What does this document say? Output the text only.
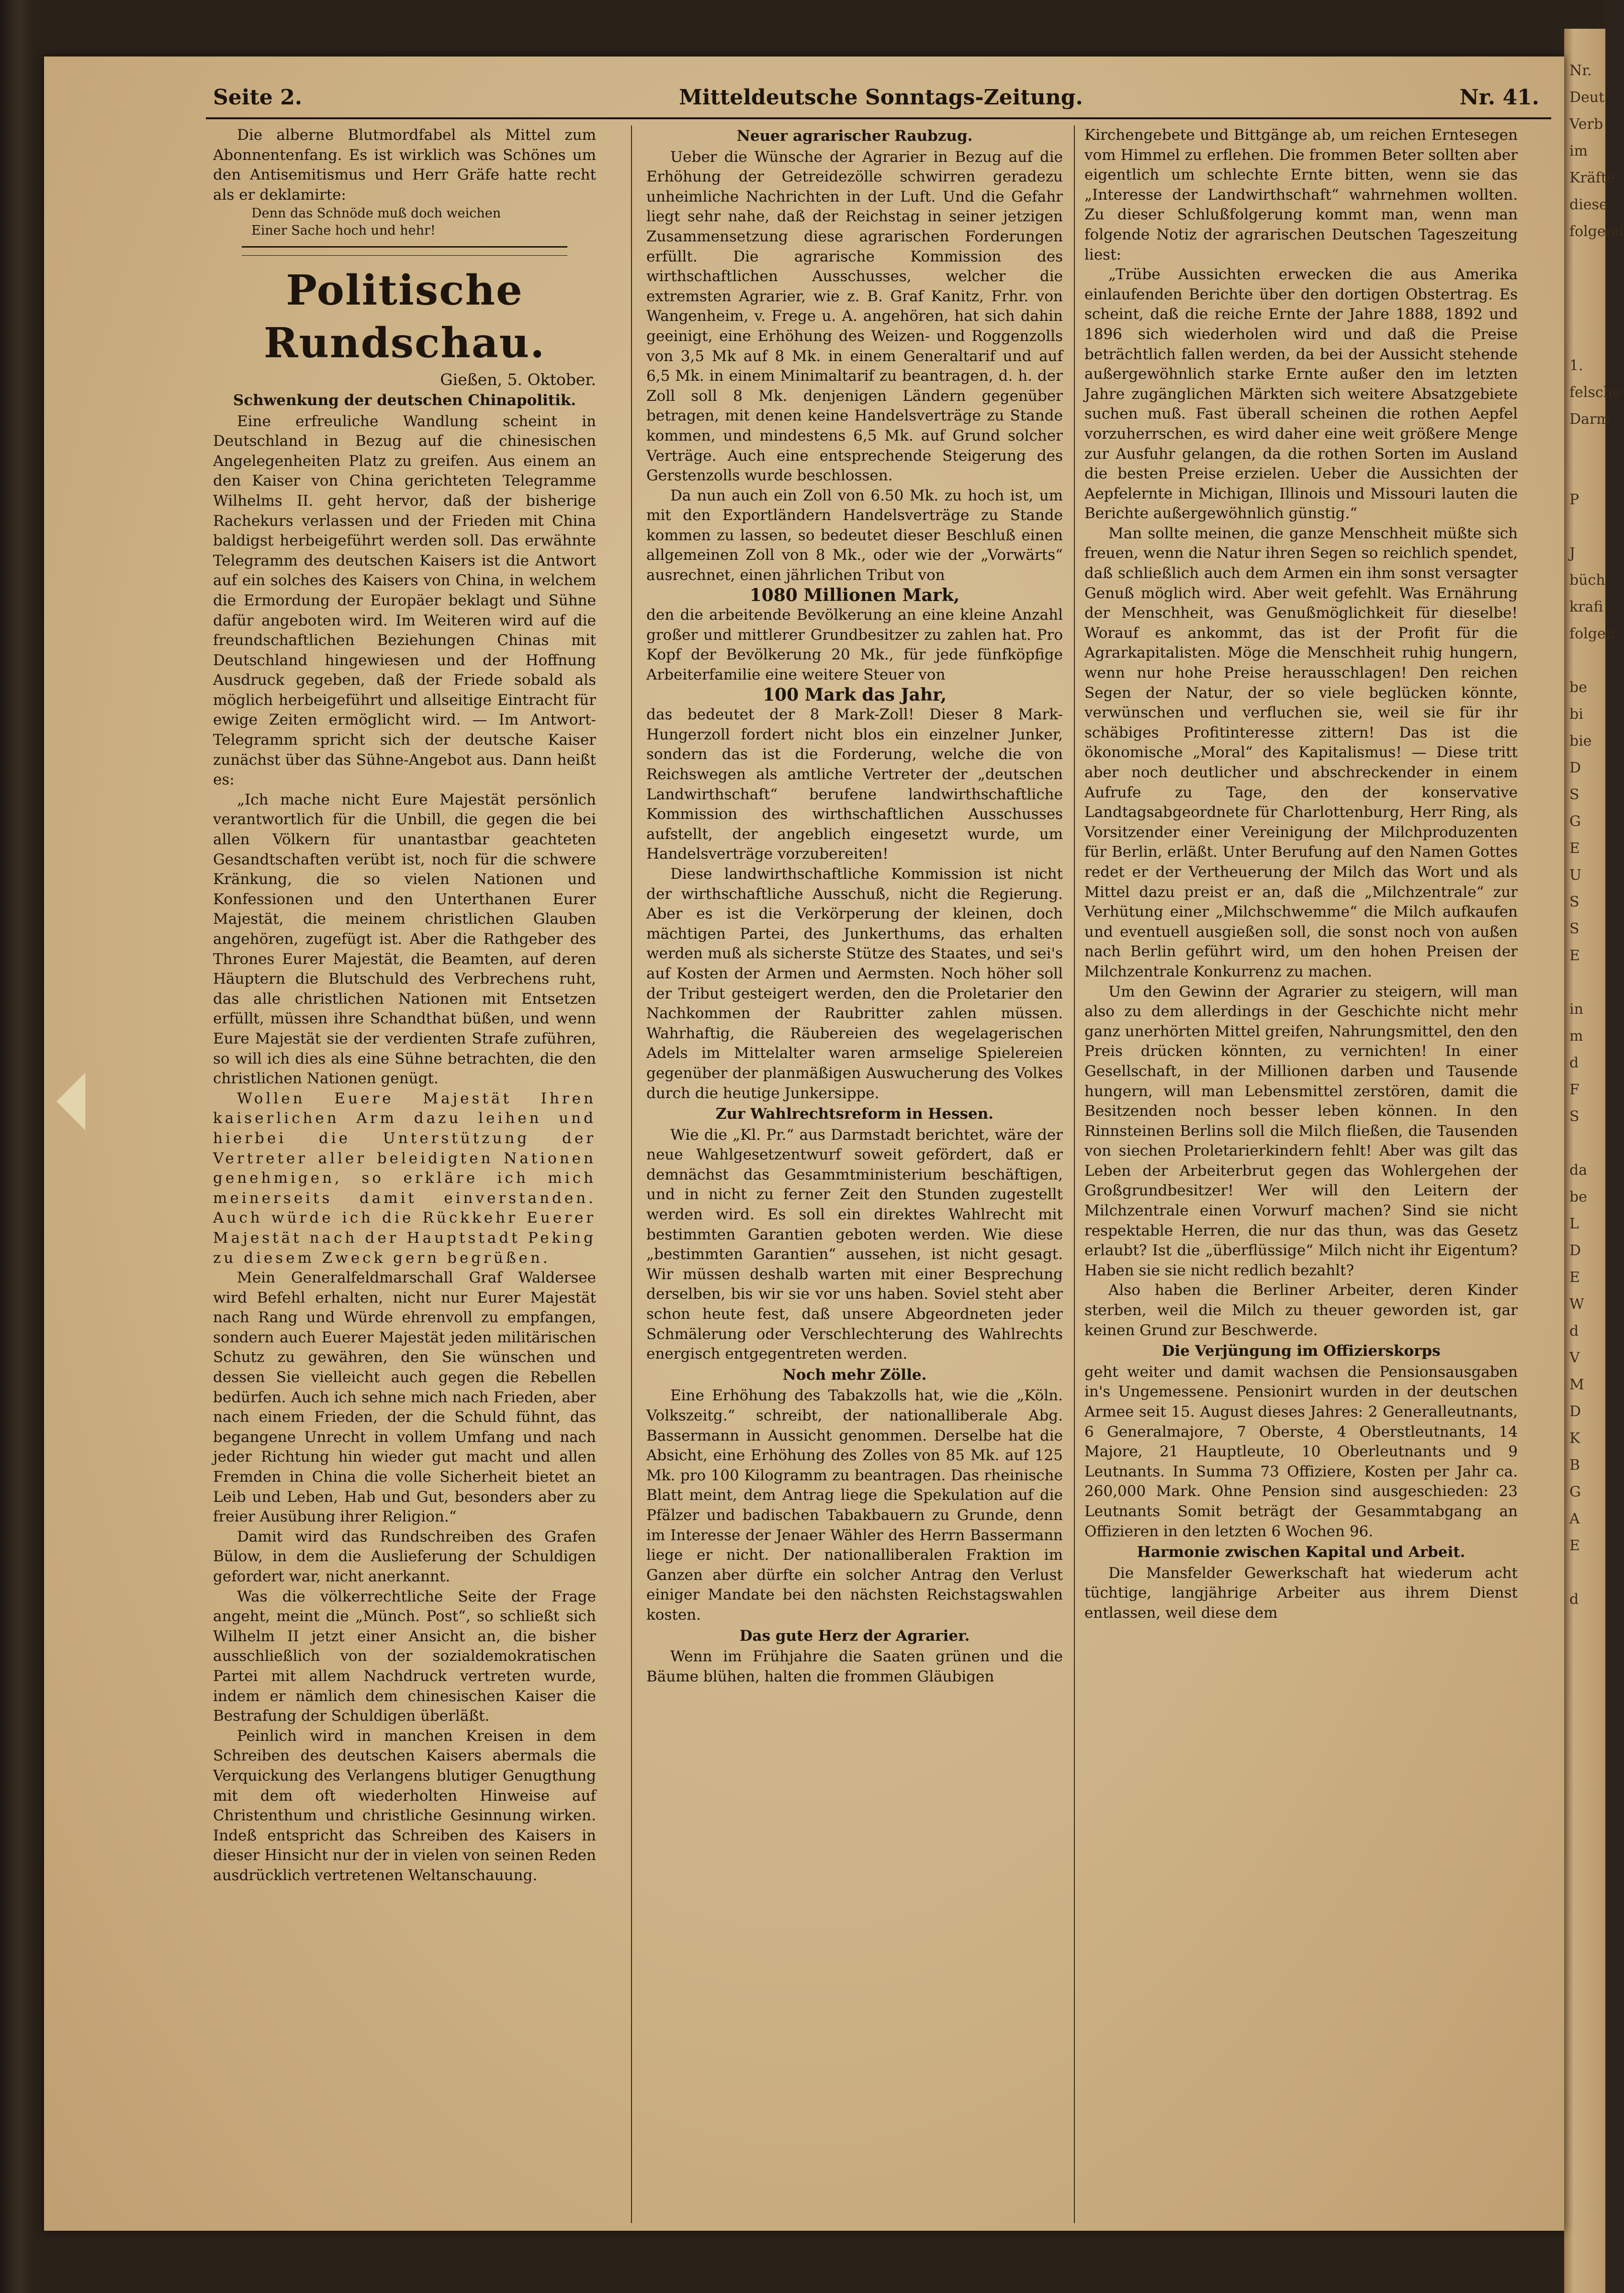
Nr.
Deut
Verb
im
Kräfte
diese
folgend

1.
felsche
Darm

P

J
büch
krafi
folgen

be
bi
bie
D
S
G
E
U
S
S
E

in
m
d
F
S

da
be
L
D
E
W
d
V
M
D
K
B
G
A
E

d
Seite 2.	Mitteldeutsche Sonntags-Zeitung.	Nr. 41.

Die alberne Blutmordfabel als Mittel zum Abonnentenfang. Es ist wirklich was Schönes um den Antisemitismus und Herr Gräfe hatte recht als er deklamirte:

Denn das Schnöde muß doch weichen
Einer Sache hoch und hehr!
Politische Rundschau.

Gießen, 5. Oktober.

Schwenkung der deutschen Chinapolitik.

Eine erfreuliche Wandlung scheint in Deutschland in Bezug auf die chinesischen Angelegenheiten Platz zu greifen. Aus einem an den Kaiser von China gerichteten Telegramme Wilhelms II. geht hervor, daß der bisherige Rachekurs verlassen und der Frieden mit China baldigst herbeigeführt werden soll. Das erwähnte Telegramm des deutschen Kaisers ist die Antwort auf ein solches des Kaisers von China, in welchem die Ermordung der Europäer beklagt und Sühne dafür angeboten wird. Im Weiteren wird auf die freundschaftlichen Beziehungen Chinas mit Deutschland hingewiesen und der Hoffnung Ausdruck gegeben, daß der Friede sobald als möglich herbeigeführt und allseitige Eintracht für ewige Zeiten ermöglicht wird. — Im Antwort-Telegramm spricht sich der deutsche Kaiser zunächst über das Sühne-Angebot aus. Dann heißt es:

„Ich mache nicht Eure Majestät persönlich verantwortlich für die Unbill, die gegen die bei allen Völkern für unantastbar geachteten Gesandtschaften verübt ist, noch für die schwere Kränkung, die so vielen Nationen und Konfessionen und den Unterthanen Eurer Majestät, die meinem christlichen Glauben angehören, zugefügt ist. Aber die Rathgeber des Thrones Eurer Majestät, die Beamten, auf deren Häuptern die Blutschuld des Verbrechens ruht, das alle christlichen Nationen mit Entsetzen erfüllt, müssen ihre Schandthat büßen, und wenn Eure Majestät sie der verdienten Strafe zuführen, so will ich dies als eine Sühne betrachten, die den christlichen Nationen genügt.

Wollen Euere Majestät Ihren kaiserlichen Arm dazu leihen und hierbei die Unterstützung der Vertreter aller beleidigten Nationen genehmigen, so erkläre ich mich meinerseits damit einverstanden. Auch würde ich die Rückkehr Euerer Majestät nach der Hauptstadt Peking zu diesem Zweck gern begrüßen.

Mein Generalfeldmarschall Graf Waldersee wird Befehl erhalten, nicht nur Eurer Majestät nach Rang und Würde ehrenvoll zu empfangen, sondern auch Euerer Majestät jeden militärischen Schutz zu gewähren, den Sie wünschen und dessen Sie vielleicht auch gegen die Rebellen bedürfen. Auch ich sehne mich nach Frieden, aber nach einem Frieden, der die Schuld fühnt, das begangene Unrecht in vollem Umfang und nach jeder Richtung hin wieder gut macht und allen Fremden in China die volle Sicherheit bietet an Leib und Leben, Hab und Gut, besonders aber zu freier Ausübung ihrer Religion.“

Damit wird das Rundschreiben des Grafen Bülow, in dem die Auslieferung der Schuldigen gefordert war, nicht anerkannt.

Was die völkerrechtliche Seite der Frage angeht, meint die „Münch. Post“, so schließt sich Wilhelm II jetzt einer Ansicht an, die bisher ausschließlich von der sozialdemokratischen Partei mit allem Nachdruck vertreten wurde, indem er nämlich dem chinesischen Kaiser die Bestrafung der Schuldigen überläßt.

Peinlich wird in manchen Kreisen in dem Schreiben des deutschen Kaisers abermals die Verquickung des Verlangens blutiger Genugthung mit dem oft wiederholten Hinweise auf Christenthum und christliche Gesinnung wirken. Indeß entspricht das Schreiben des Kaisers in dieser Hinsicht nur der in vielen von seinen Reden ausdrücklich vertretenen Weltanschauung.

Neuer agrarischer Raubzug.

Ueber die Wünsche der Agrarier in Bezug auf die Erhöhung der Getreidezölle schwirren geradezu unheimliche Nachrichten in der Luft. Und die Gefahr liegt sehr nahe, daß der Reichstag in seiner jetzigen Zusammensetzung diese agrarischen Forderungen erfüllt. Die agrarische Kommission des wirthschaftlichen Ausschusses, welcher die extremsten Agrarier, wie z. B. Graf Kanitz, Frhr. von Wangenheim, v. Frege u. A. angehören, hat sich dahin geeinigt, eine Erhöhung des Weizen- und Roggenzolls von 3,5 Mk auf 8 Mk. in einem Generaltarif und auf 6,5 Mk. in einem Minimaltarif zu beantragen, d. h. der Zoll soll 8 Mk. denjenigen Ländern gegenüber betragen, mit denen keine Handelsverträge zu Stande kommen, und mindestens 6,5 Mk. auf Grund solcher Verträge. Auch eine entsprechende Steigerung des Gerstenzolls wurde beschlossen.

Da nun auch ein Zoll von 6.50 Mk. zu hoch ist, um mit den Exportländern Handelsverträge zu Stande kommen zu lassen, so bedeutet dieser Beschluß einen allgemeinen Zoll von 8 Mk., oder wie der „Vorwärts“ ausrechnet, einen jährlichen Tribut von

1080 Millionen Mark,

den die arbeitende Bevölkerung an eine kleine Anzahl großer und mittlerer Grundbesitzer zu zahlen hat. Pro Kopf der Bevölkerung 20 Mk., für jede fünfköpfige Arbeiterfamilie eine weitere Steuer von

100 Mark das Jahr,

das bedeutet der 8 Mark-Zoll! Dieser 8 Mark-Hungerzoll fordert nicht blos ein einzelner Junker, sondern das ist die Forderung, welche die von Reichswegen als amtliche Vertreter der „deutschen Landwirthschaft“ berufene landwirthschaftliche Kommission des wirthschaftlichen Ausschusses aufstellt, der angeblich eingesetzt wurde, um Handelsverträge vorzubereiten!

Diese landwirthschaftliche Kommission ist nicht der wirthschaftliche Ausschuß, nicht die Regierung. Aber es ist die Verkörperung der kleinen, doch mächtigen Partei, des Junkerthums, das erhalten werden muß als sicherste Stütze des Staates, und sei's auf Kosten der Armen und Aermsten. Noch höher soll der Tribut gesteigert werden, den die Proletarier den Nachkommen der Raubritter zahlen müssen. Wahrhaftig, die Räubereien des wegelagerischen Adels im Mittelalter waren armselige Spielereien gegenüber der planmäßigen Auswucherung des Volkes durch die heutige Junkersippe.

Zur Wahlrechtsreform in Hessen.

Wie die „Kl. Pr.“ aus Darmstadt berichtet, wäre der neue Wahlgesetzentwurf soweit gefördert, daß er demnächst das Gesammtministerium beschäftigen, und in nicht zu ferner Zeit den Stunden zugestellt werden wird. Es soll ein direktes Wahlrecht mit bestimmten Garantien geboten werden. Wie diese „bestimmten Garantien“ aussehen, ist nicht gesagt. Wir müssen deshalb warten mit einer Besprechung derselben, bis wir sie vor uns haben. Soviel steht aber schon heute fest, daß unsere Abgeordneten jeder Schmälerung oder Verschlechterung des Wahlrechts energisch entgegentreten werden.

Noch mehr Zölle.

Eine Erhöhung des Tabakzolls hat, wie die „Köln. Volkszeitg.“ schreibt, der nationalliberale Abg. Bassermann in Aussicht genommen. Derselbe hat die Absicht, eine Erhöhung des Zolles von 85 Mk. auf 125 Mk. pro 100 Kilogramm zu beantragen. Das rheinische Blatt meint, dem Antrag liege die Spekulation auf die Pfälzer und badischen Tabakbauern zu Grunde, denn im Interesse der Jenaer Wähler des Herrn Bassermann liege er nicht. Der nationalliberalen Fraktion im Ganzen aber dürfte ein solcher Antrag den Verlust einiger Mandate bei den nächsten Reichstagswahlen kosten.

Das gute Herz der Agrarier.

Wenn im Frühjahre die Saaten grünen und die Bäume blühen, halten die frommen Gläubigen

Kirchengebete und Bittgänge ab, um reichen Erntesegen vom Himmel zu erflehen. Die frommen Beter sollten aber eigentlich um schlechte Ernte bitten, wenn sie das „Interesse der Landwirthschaft“ wahrnehmen wollten. Zu dieser Schlußfolgerung kommt man, wenn man folgende Notiz der agrarischen Deutschen Tageszeitung liest:

„Trübe Aussichten erwecken die aus Amerika einlaufenden Berichte über den dortigen Obstertrag. Es scheint, daß die reiche Ernte der Jahre 1888, 1892 und 1896 sich wiederholen wird und daß die Preise beträchtlich fallen werden, da bei der Aussicht stehende außergewöhnlich starke Ernte außer den im letzten Jahre zugänglichen Märkten sich weitere Absatzgebiete suchen muß. Fast überall scheinen die rothen Aepfel vorzuherrschen, es wird daher eine weit größere Menge zur Ausfuhr gelangen, da die rothen Sorten im Ausland die besten Preise erzielen. Ueber die Aussichten der Aepfelernte in Michigan, Illinois und Missouri lauten die Berichte außergewöhnlich günstig.“

Man sollte meinen, die ganze Menschheit müßte sich freuen, wenn die Natur ihren Segen so reichlich spendet, daß schließlich auch dem Armen ein ihm sonst versagter Genuß möglich wird. Aber weit gefehlt. Was Ernährung der Menschheit, was Genußmöglichkeit für dieselbe! Worauf es ankommt, das ist der Profit für die Agrarkapitalisten. Möge die Menschheit ruhig hungern, wenn nur hohe Preise herausschlagen! Den reichen Segen der Natur, der so viele beglücken könnte, verwünschen und verfluchen sie, weil sie für ihr schäbiges Profitinteresse zittern! Das ist die ökonomische „Moral“ des Kapitalismus! — Diese tritt aber noch deutlicher und abschreckender in einem Aufrufe zu Tage, den der konservative Landtagsabgeordnete für Charlottenburg, Herr Ring, als Vorsitzender einer Vereinigung der Milchproduzenten für Berlin, erläßt. Unter Berufung auf den Namen Gottes redet er der Vertheuerung der Milch das Wort und als Mittel dazu preist er an, daß die „Milchzentrale“ zur Verhütung einer „Milchschwemme“ die Milch aufkaufen und eventuell ausgießen soll, die sonst noch von außen nach Berlin geführt wird, um den hohen Preisen der Milchzentrale Konkurrenz zu machen.

Um den Gewinn der Agrarier zu steigern, will man also zu dem allerdings in der Geschichte nicht mehr ganz unerhörten Mittel greifen, Nahrungsmittel, den den Preis drücken könnten, zu vernichten! In einer Gesellschaft, in der Millionen darben und Tausende hungern, will man Lebensmittel zerstören, damit die Besitzenden noch besser leben können. In den Rinnsteinen Berlins soll die Milch fließen, die Tausenden von siechen Proletarierkindern fehlt! Aber was gilt das Leben der Arbeiterbrut gegen das Wohlergehen der Großgrundbesitzer! Wer will den Leitern der Milchzentrale einen Vorwurf machen? Sind sie nicht respektable Herren, die nur das thun, was das Gesetz erlaubt? Ist die „überflüssige“ Milch nicht ihr Eigentum? Haben sie sie nicht redlich bezahlt?

Also haben die Berliner Arbeiter, deren Kinder sterben, weil die Milch zu theuer geworden ist, gar keinen Grund zur Beschwerde.

Die Verjüngung im Offizierskorps

geht weiter und damit wachsen die Pensionsausgaben in's Ungemessene. Pensionirt wurden in der deutschen Armee seit 15. August dieses Jahres: 2 Generalleutnants, 6 Generalmajore, 7 Oberste, 4 Oberstleutnants, 14 Majore, 21 Hauptleute, 10 Oberleutnants und 9 Leutnants. In Summa 73 Offiziere, Kosten per Jahr ca. 260,000 Mark. Ohne Pension sind ausgeschieden: 23 Leutnants Somit beträgt der Gesammtabgang an Offizieren in den letzten 6 Wochen 96.

Harmonie zwischen Kapital und Arbeit.

Die Mansfelder Gewerkschaft hat wiederum acht tüchtige, langjährige Arbeiter aus ihrem Dienst entlassen, weil diese dem
